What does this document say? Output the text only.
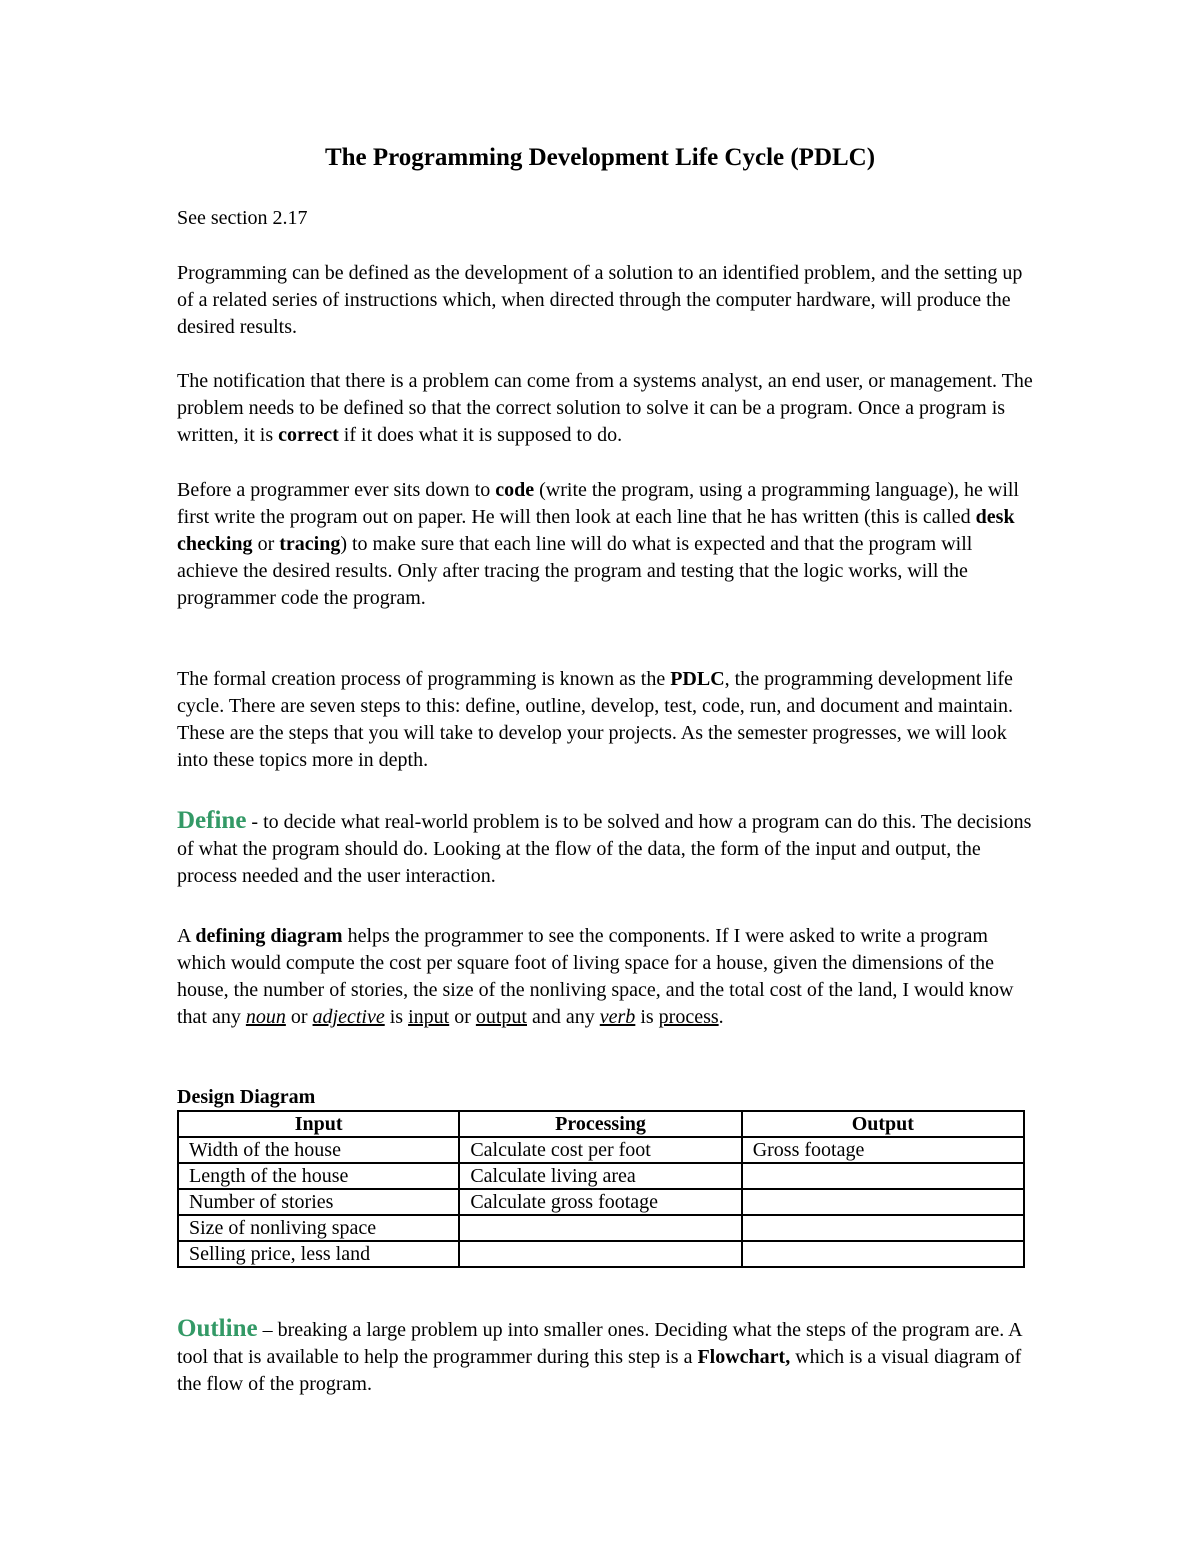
The Programming Development Life Cycle (PDLC)

See section 2.17

Programming can be defined as the development of a solution to an identified problem, and the setting up of a related series of instructions which, when directed through the computer hardware, will produce the desired results.

The notification that there is a problem can come from a systems analyst, an end user, or management. The problem needs to be defined so that the correct solution to solve it can be a program. Once a program is written, it is correct if it does what it is supposed to do.

Before a programmer ever sits down to code (write the program, using a programming language), he will first write the program out on paper. He will then look at each line that he has written (this is called desk checking or tracing) to make sure that each line will do what is expected and that the program will achieve the desired results. Only after tracing the program and testing that the logic works, will the programmer code the program.

The formal creation process of programming is known as the PDLC, the programming development life cycle. There are seven steps to this: define, outline, develop, test, code, run, and document and maintain. These are the steps that you will take to develop your projects. As the semester progresses, we will look into these topics more in depth.

Define - to decide what real-world problem is to be solved and how a program can do this. The decisions of what the program should do. Looking at the flow of the data, the form of the input and output, the process needed and the user interaction.

A defining diagram helps the programmer to see the components. If I were asked to write a program which would compute the cost per square foot of living space for a house, given the dimensions of the house, the number of stories, the size of the nonliving space, and the total cost of the land, I would know that any noun or adjective is input or output and any verb is process.

Design Diagram
Input	Processing	Output
Width of the house	Calculate cost per foot	Gross footage
Length of the house	Calculate living area	
Number of stories	Calculate gross footage	
Size of nonliving space		
Selling price, less land		

Outline – breaking a large problem up into smaller ones. Deciding what the steps of the program are. A tool that is available to help the programmer during this step is a Flowchart, which is a visual diagram of the flow of the program.
